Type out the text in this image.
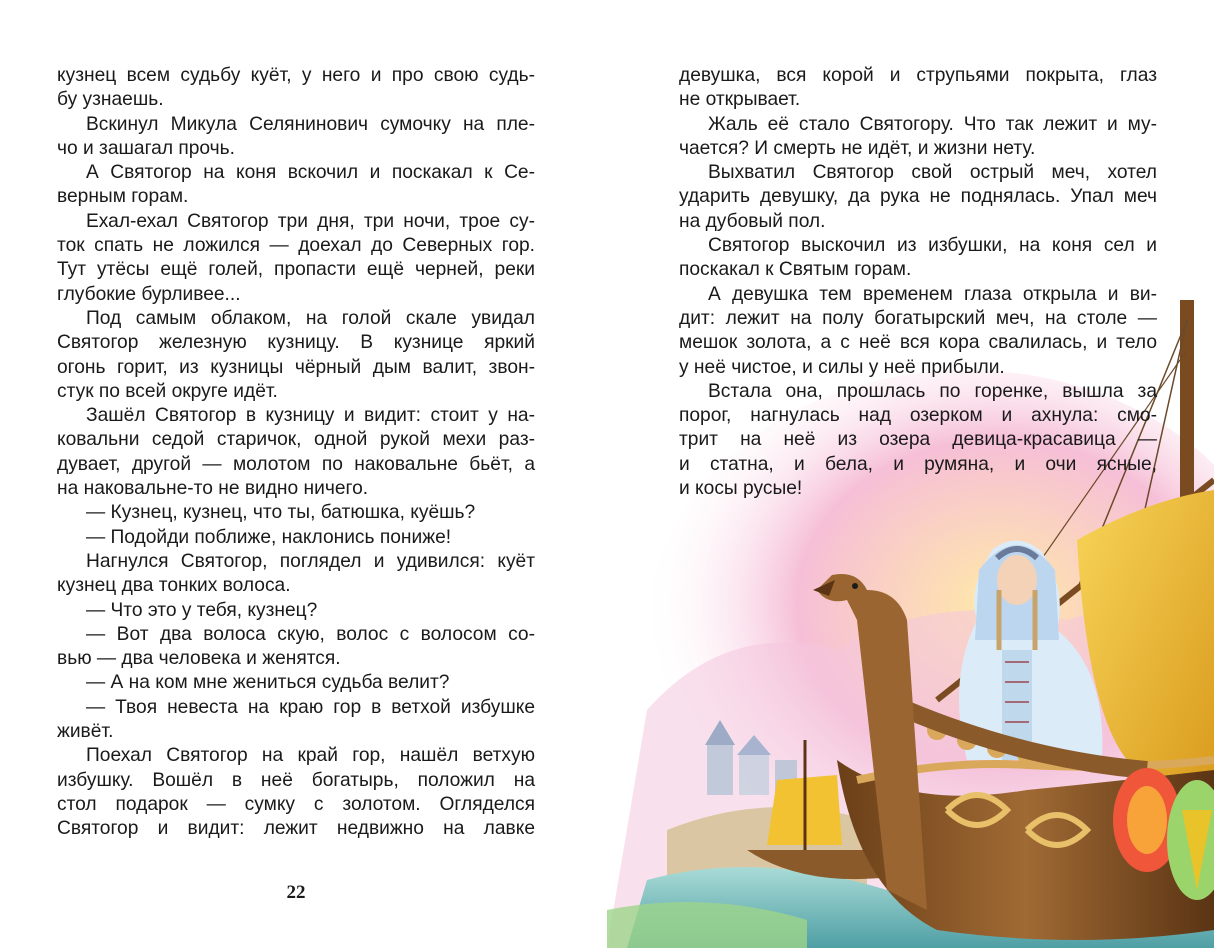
кузнец всем судьбу куёт, у него и про свою судь-
бу узнаешь.
Вскинул Микула Селянинович сумочку на пле-
чо и зашагал прочь.
А Святогор на коня вскочил и поскакал к Се-
верным горам.
Ехал-ехал Святогор три дня, три ночи, трое су-
ток спать не ложился — доехал до Северных гор.
Тут утёсы ещё голей, пропасти ещё черней, реки
глубокие бурливее...
Под самым облаком, на голой скале увидал
Святогор железную кузницу. В кузнице яркий
огонь горит, из кузницы чёрный дым валит, звон-
стук по всей округе идёт.
Зашёл Святогор в кузницу и видит: стоит у на-
ковальни седой старичок, одной рукой мехи раз-
дувает, другой — молотом по наковальне бьёт, а
на наковальне-то не видно ничего.
— Кузнец, кузнец, что ты, батюшка, куёшь?
— Подойди поближе, наклонись пониже!
Нагнулся Святогор, поглядел и удивился: куёт
кузнец два тонких волоса.
— Что это у тебя, кузнец?
— Вот два волоса скую, волос с волосом со-
вью — два человека и женятся.
— А на ком мне жениться судьба велит?
— Твоя невеста на краю гор в ветхой избушке
живёт.
Поехал Святогор на край гор, нашёл ветхую
избушку. Вошёл в неё богатырь, положил на
стол подарок — сумку с золотом. Огляделся
Святогор и видит: лежит недвижно на лавке
22
девушка, вся корой и струпьями покрыта, глаз
не открывает.
Жаль её стало Святогору. Что так лежит и му-
чается? И смерть не идёт, и жизни нету.
Выхватил Святогор свой острый меч, хотел
ударить девушку, да рука не поднялась. Упал меч
на дубовый пол.
Святогор выскочил из избушки, на коня сел и
поскакал к Святым горам.
А девушка тем временем глаза открыла и ви-
дит: лежит на полу богатырский меч, на столе —
мешок золота, а с неё вся кора свалилась, и тело
у неё чистое, и силы у неё прибыли.
Встала она, прошлась по горенке, вышла за
порог, нагнулась над озерком и ахнула: смо-
трит на неё из озера девица-красавица —
и статна, и бела, и румяна, и очи ясные,
и косы русые!
